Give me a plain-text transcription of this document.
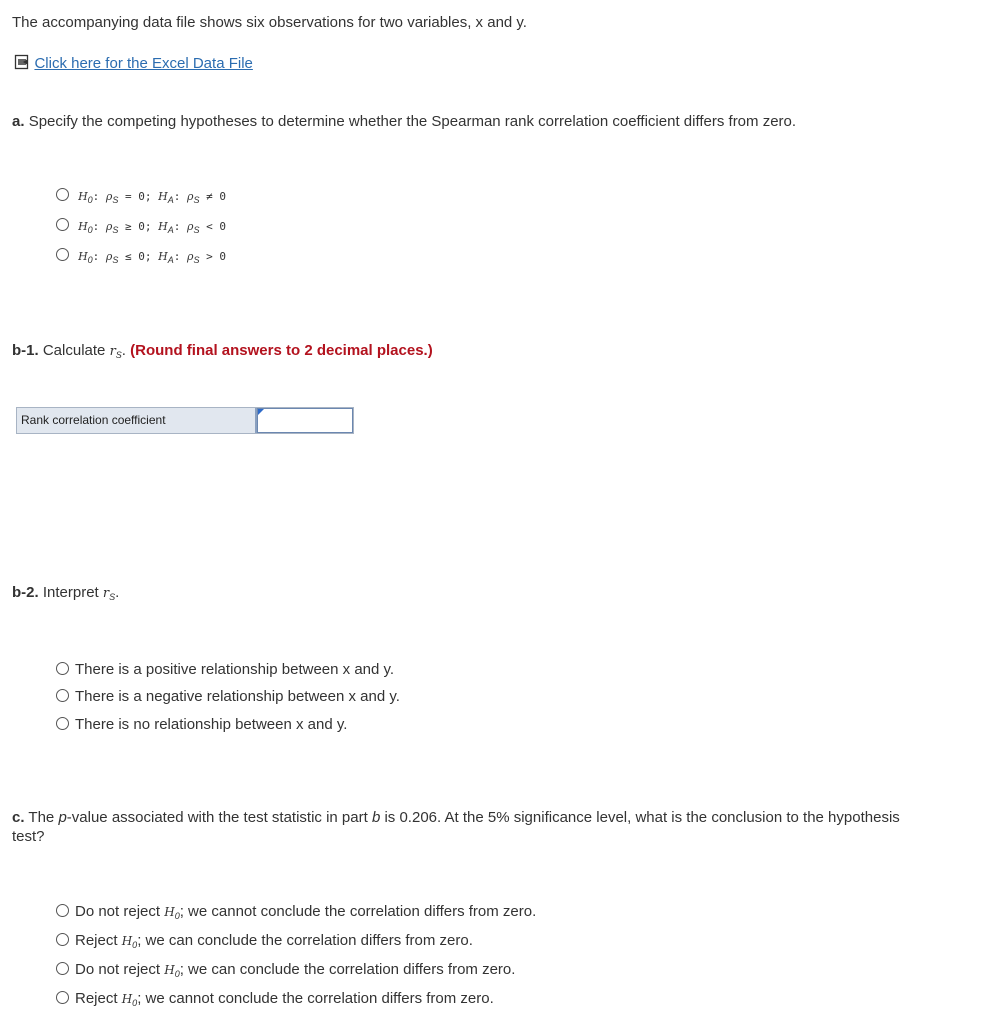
The accompanying data file shows six observations for two variables, x and y.
Click here for the Excel Data File
a. Specify the competing hypotheses to determine whether the Spearman rank correlation coefficient differs from zero.
$H_0$: $\rho_S = 0$; $H_A$: $\rho_S \ne 0$
$H_0$: $\rho_S \ge 0$; $H_A$: $\rho_S < 0$
$H_0$: $\rho_S \le 0$; $H_A$: $\rho_S > 0$
b-1. Calculate $r_S$. (Round final answers to 2 decimal places.)
Rank correlation coefficient
b-2. Interpret $r_S$.
There is a positive relationship between x and y.
There is a negative relationship between x and y.
There is no relationship between x and y.
c. The p-value associated with the test statistic in part b is 0.206. At the 5% significance level, what is the conclusion to the hypothesis
test?
Do not reject $H_0$; we cannot conclude the correlation differs from zero.
Reject $H_0$; we can conclude the correlation differs from zero.
Do not reject $H_0$; we can conclude the correlation differs from zero.
Reject $H_0$; we cannot conclude the correlation differs from zero.
